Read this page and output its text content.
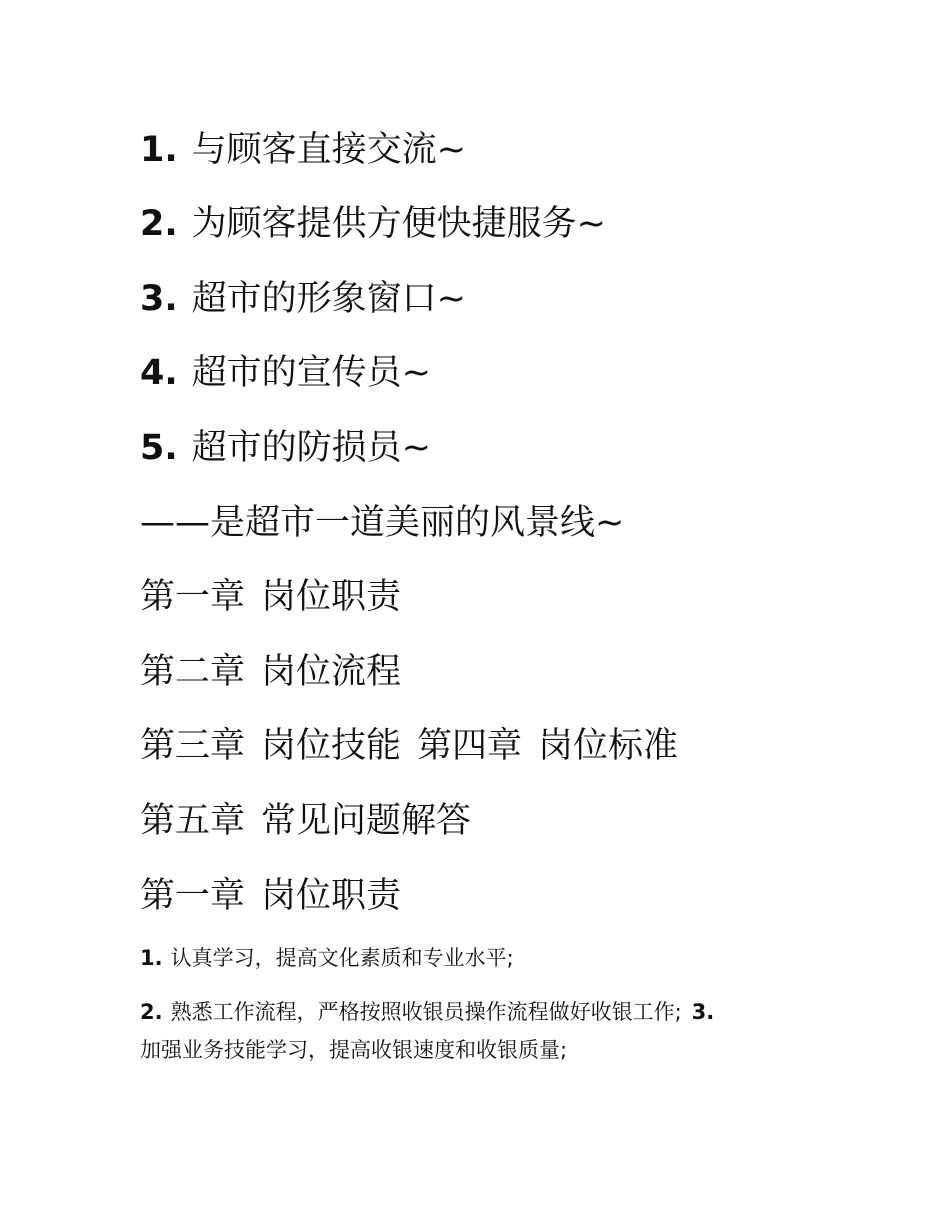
1. 与顾客直接交流~
2. 为顾客提供方便快捷服务~
3. 超市的形象窗口~
4. 超市的宣传员~
5. 超市的防损员~
——是超市一道美丽的风景线~
第一章 岗位职责
第二章 岗位流程
第三章 岗位技能 第四章 岗位标准
第五章 常见问题解答
第一章 岗位职责
1. 认真学习，提高文化素质和专业水平;
2. 熟悉工作流程，严格按照收银员操作流程做好收银工作; 3.
加强业务技能学习，提高收银速度和收银质量;
